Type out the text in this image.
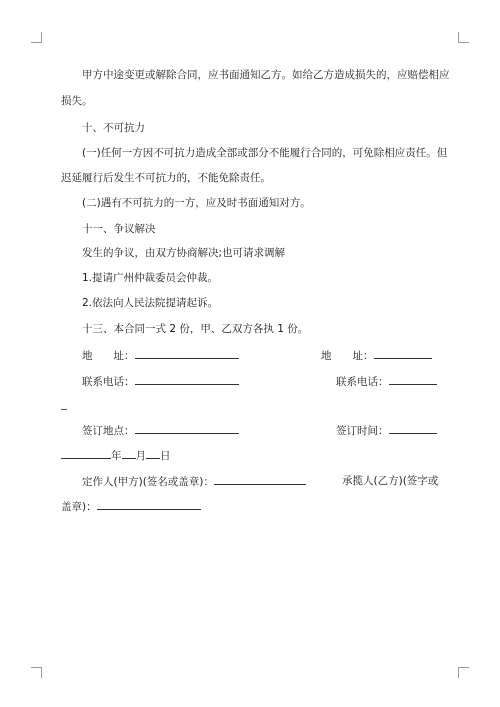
甲方中途变更或解除合同，应书面通知乙方。如给乙方造成损失的，应赔偿相应
损失。
十、不可抗力
(一)任何一方因不可抗力造成全部或部分不能履行合同的，可免除相应责任。但
迟延履行后发生不可抗力的，不能免除责任。
(二)遇有不可抗力的一方，应及时书面通知对方。
十一、争议解决
发生的争议，由双方协商解决;也可请求调解
1.提请广州仲裁委员会仲裁。
2.依法向人民法院提请起诉。
十三、本合同一式 2 份，甲、乙双方各执 1 份。
地　　址：	地　　址：
联系电话：	联系电话：
签订地点：	签订时间：
年 月 日
定作人(甲方)(签名或盖章)：	承揽人(乙方)(签字或
盖章)：
